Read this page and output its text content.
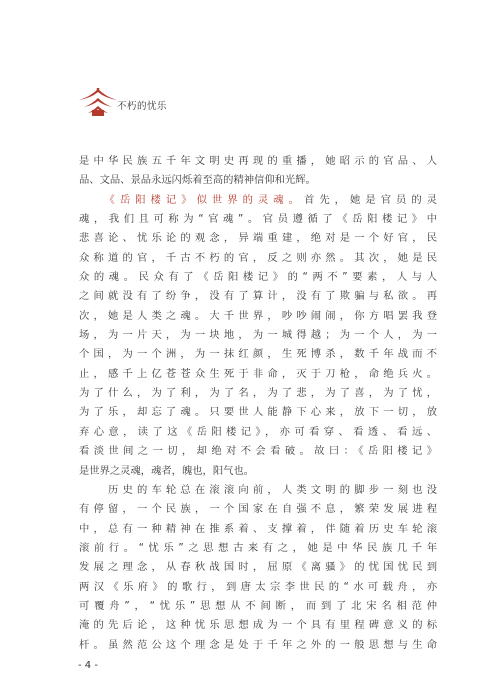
不朽的忧乐
是中华民族五千年文明史再现的重播，她昭示的官品、人
品、文品、景品永远闪烁着至高的精神信仰和光辉。
　　《岳阳楼记》似世界的灵魂。首先，她是官员的灵
魂，我们且可称为“官魂”。官员遵循了《岳阳楼记》中
悲喜论、忧乐论的观念，异端重建，绝对是一个好官，民
众称道的官，千古不朽的官，反之则亦然。其次，她是民
众的魂。民众有了《岳阳楼记》的“两不”要素，人与人
之间就没有了纷争，没有了算计，没有了欺骗与私欲。再
次，她是人类之魂。大千世界，吵吵闹闹，你方唱罢我登
场，为一片天，为一块地，为一城得越；为一个人，为一
个国，为一个洲，为一抹红颜，生死博杀，数千年战而不
止，感千上亿苍苍众生死于非命，灭于刀枪，命绝兵火。
为了什么，为了利，为了名，为了悲，为了喜，为了忧，
为了乐，却忘了魂。只要世人能静下心来，放下一切，放
弃心意，读了这《岳阳楼记》，亦可看穿、看透、看远、
看淡世间之一切，却绝对不会看破。故曰：《岳阳楼记》
是世界之灵魂，魂者，魄也，阳气也。
　　历史的车轮总在滚滚向前，人类文明的脚步一刻也没
有停留，一个民族，一个国家在自强不息，繁荣发展进程
中，总有一种精神在推系着、支撑着，伴随着历史车轮滚
滚前行。“忧乐”之思想古来有之，她是中华民族几千年
发展之理念，从春秋战国时，屈原《离骚》的忧国忧民到
两汉《乐府》的歌行，到唐太宗李世民的“水可载舟，亦
可覆舟”，“忧乐”思想从不间断，而到了北宋名相范仲
淹的先后论，这种忧乐思想成为一个具有里程碑意义的标
杆。虽然范公这个理念是处于千年之外的一般思想与生命
- 4 -
